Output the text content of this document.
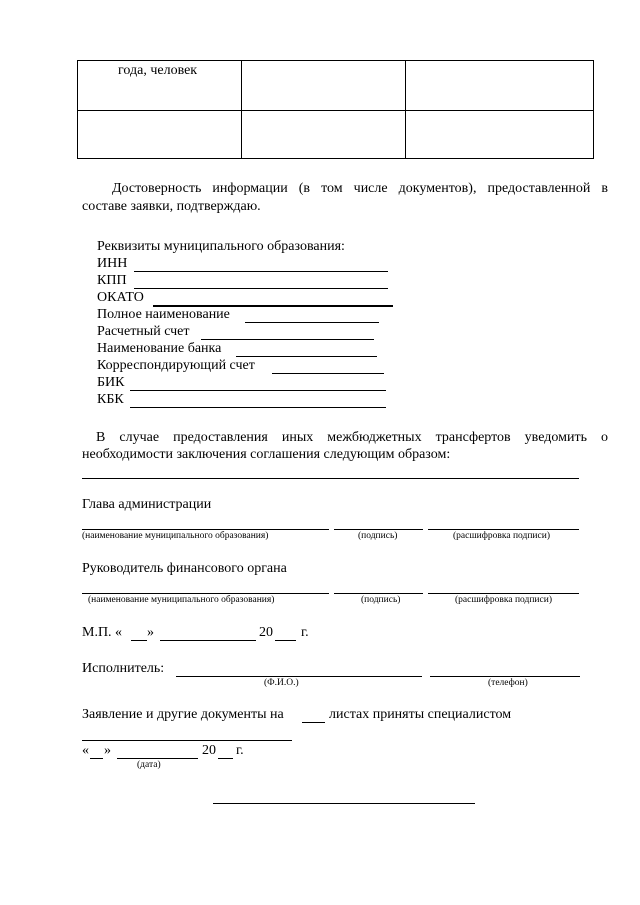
года, человек
Достоверность информации (в том числе документов), предоставленной в
составе заявки, подтверждаю.
Реквизиты муниципального образования:
ИНН
КПП
ОКАТО
Полное наименование
Расчетный счет
Наименование банка
Корреспондирующий счет
БИК
КБК
В случае предоставления иных межбюджетных трансфертов уведомить о
необходимости заключения соглашения следующим образом:
Глава администрации
(наименование муниципального образования)	(подпись)	(расшифровка подписи)
Руководитель финансового органа
(наименование муниципального образования)	(подпись)	(расшифровка подписи)
М.П. « »	20 г.
Исполнитель:
(Ф.И.О.)	(телефон)
Заявление и другие документы на	листах приняты специалистом
« »	20 г.
(дата)
